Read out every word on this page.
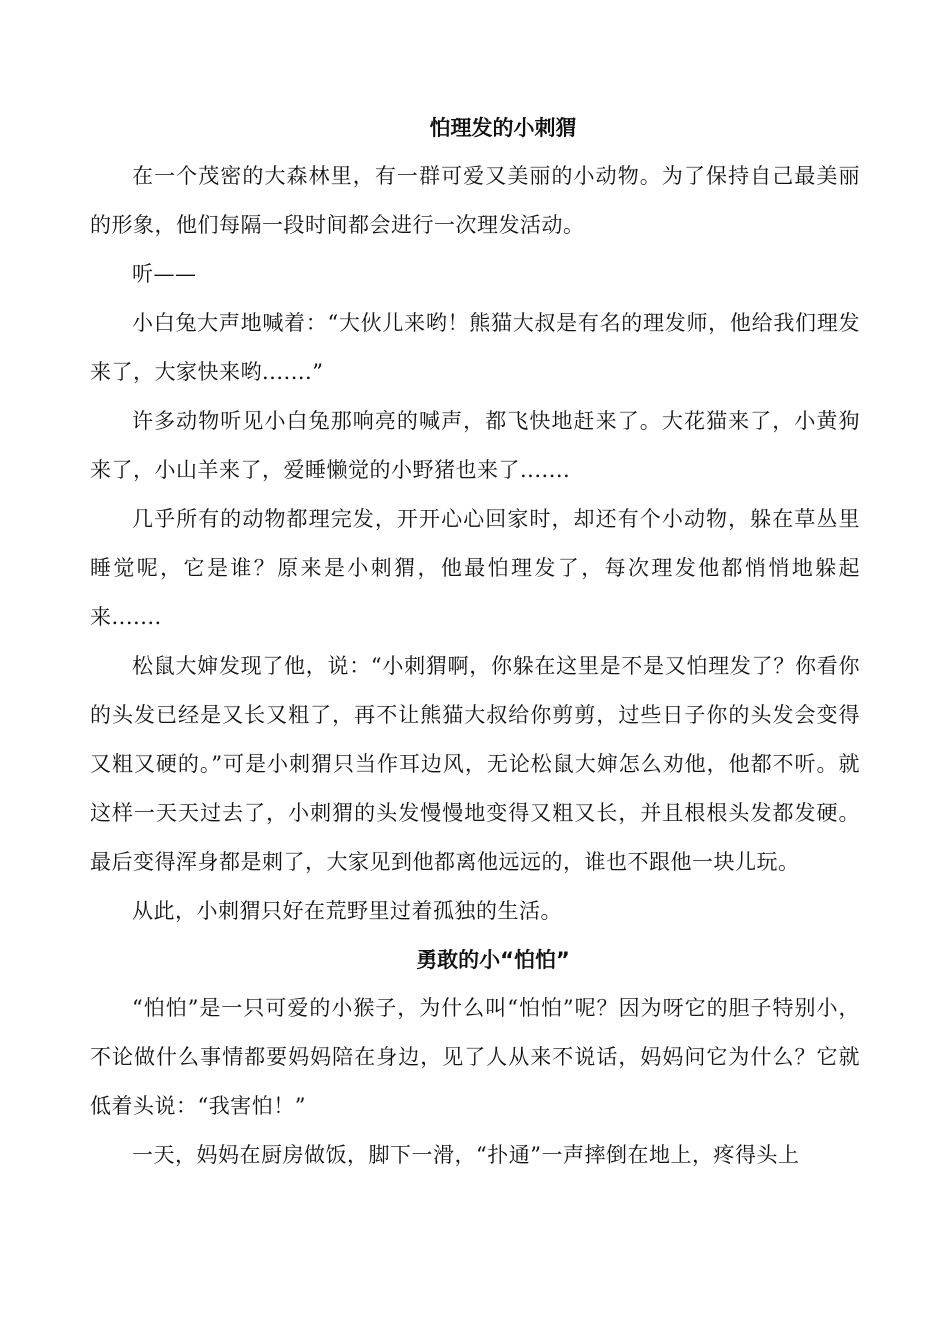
怕理发的小刺猬

在一个茂密的大森林里，有一群可爱又美丽的小动物。为了保持自己最美丽的形象，他们每隔一段时间都会进行一次理发活动。

听——

小白兔大声地喊着：“大伙儿来哟！熊猫大叔是有名的理发师，他给我们理发来了，大家快来哟.......”

许多动物听见小白兔那响亮的喊声，都飞快地赶来了。大花猫来了，小黄狗来了，小山羊来了，爱睡懒觉的小野猪也来了.......

几乎所有的动物都理完发，开开心心回家时，却还有个小动物，躲在草丛里睡觉呢，它是谁？原来是小刺猬，他最怕理发了，每次理发他都悄悄地躲起来.......

松鼠大婶发现了他，说：“小刺猬啊，你躲在这里是不是又怕理发了？你看你的头发已经是又长又粗了，再不让熊猫大叔给你剪剪，过些日子你的头发会变得又粗又硬的。”可是小刺猬只当作耳边风，无论松鼠大婶怎么劝他，他都不听。就这样一天天过去了，小刺猬的头发慢慢地变得又粗又长，并且根根头发都发硬。最后变得浑身都是刺了，大家见到他都离他远远的，谁也不跟他一块儿玩。

从此，小刺猬只好在荒野里过着孤独的生活。

勇敢的小“怕怕”

“怕怕”是一只可爱的小猴子，为什么叫“怕怕”呢？因为呀它的胆子特别小，不论做什么事情都要妈妈陪在身边，见了人从来不说话，妈妈问它为什么？它就低着头说：“我害怕！”

一天，妈妈在厨房做饭，脚下一滑，“扑通”一声摔倒在地上，疼得头上
